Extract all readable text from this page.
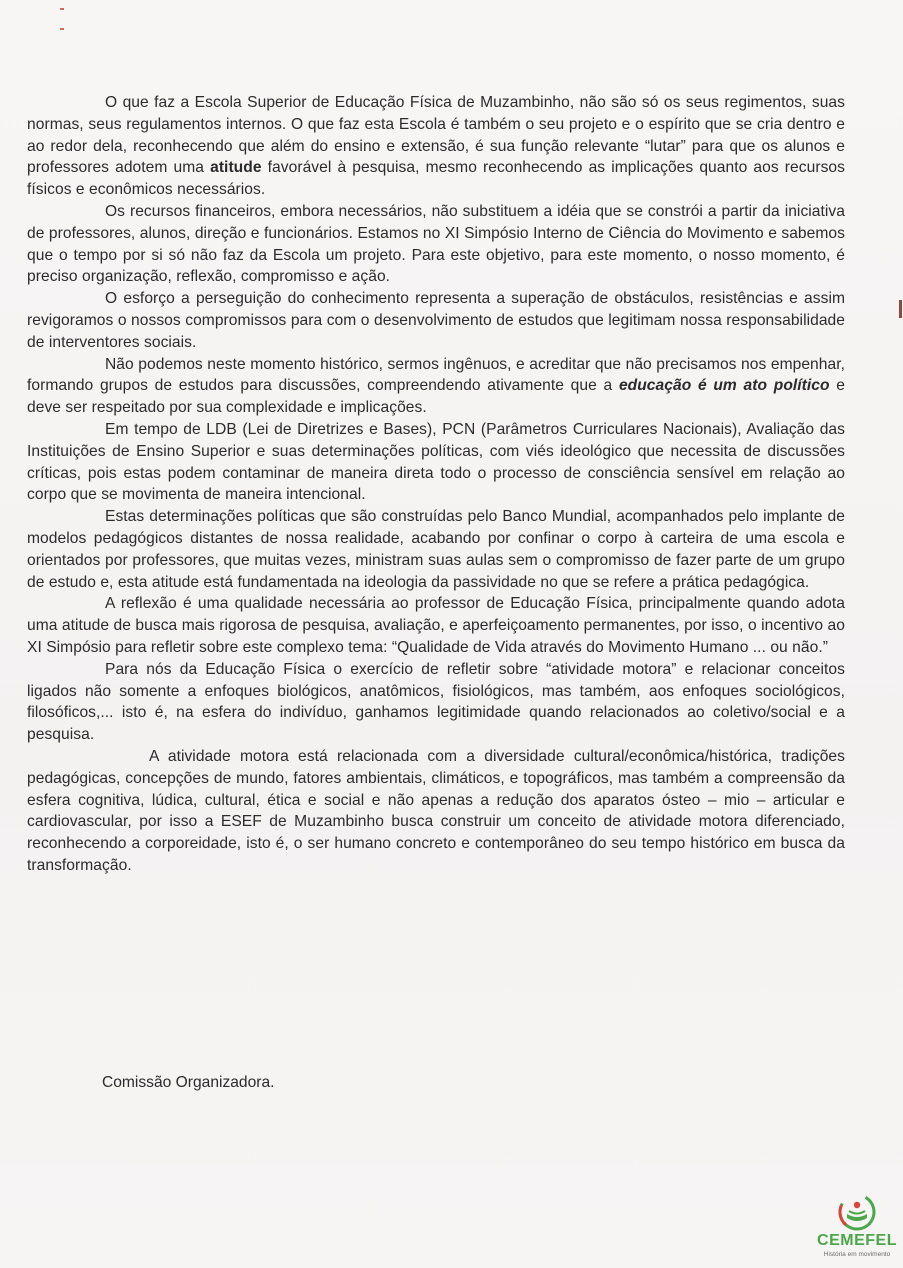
O que faz a Escola Superior de Educação Física de Muzambinho, não são só os seus regimentos, suas normas, seus regulamentos internos. O que faz esta Escola é também o seu projeto e o espírito que se cria dentro e ao redor dela, reconhecendo que além do ensino e extensão, é sua função relevante “lutar” para que os alunos e professores adotem uma atitude favorável à pesquisa, mesmo reconhecendo as implicações quanto aos recursos físicos e econômicos necessários.

Os recursos financeiros, embora necessários, não substituem a idéia que se constrói a partir da iniciativa de professores, alunos, direção e funcionários. Estamos no XI Simpósio Interno de Ciência do Movimento e sabemos que o tempo por si só não faz da Escola um projeto. Para este objetivo, para este momento, o nosso momento, é preciso organização, reflexão, compromisso e ação.

O esforço a perseguição do conhecimento representa a superação de obstáculos, resistências e assim revigoramos o nossos compromissos para com o desenvolvimento de estudos que legitimam nossa responsabilidade de interventores sociais.

Não podemos neste momento histórico, sermos ingênuos, e acreditar que não precisamos nos empenhar, formando grupos de estudos para discussões, compreendendo ativamente que a educação é um ato político e deve ser respeitado por sua complexidade e implicações.

Em tempo de LDB (Lei de Diretrizes e Bases), PCN (Parâmetros Curriculares Nacionais), Avaliação das Instituições de Ensino Superior e suas determinações políticas, com viés ideológico que necessita de discussões críticas, pois estas podem contaminar de maneira direta todo o processo de consciência sensível em relação ao corpo que se movimenta de maneira intencional.

Estas determinações políticas que são construídas pelo Banco Mundial, acompanhados pelo implante de modelos pedagógicos distantes de nossa realidade, acabando por confinar o corpo à carteira de uma escola e orientados por professores, que muitas vezes, ministram suas aulas sem o compromisso de fazer parte de um grupo de estudo e, esta atitude está fundamentada na ideologia da passividade no que se refere a prática pedagógica.

A reflexão é uma qualidade necessária ao professor de Educação Física, principalmente quando adota uma atitude de busca mais rigorosa de pesquisa, avaliação, e aperfeiçoamento permanentes, por isso, o incentivo ao XI Simpósio para refletir sobre este complexo tema: “Qualidade de Vida através do Movimento Humano ... ou não.”

Para nós da Educação Física o exercício de refletir sobre “atividade motora” e relacionar conceitos ligados não somente a enfoques biológicos, anatômicos, fisiológicos, mas também, aos enfoques sociológicos, filosóficos,... isto é, na esfera do indivíduo, ganhamos legitimidade quando relacionados ao coletivo/social e a pesquisa.

A atividade motora está relacionada com a diversidade cultural/econômica/histórica, tradições pedagógicas, concepções de mundo, fatores ambientais, climáticos, e topográficos, mas também a compreensão da esfera cognitiva, lúdica, cultural, ética e social e não apenas a redução dos aparatos ósteo – mio – articular e cardiovascular, por isso a ESEF de Muzambinho busca construir um conceito de atividade motora diferenciado, reconhecendo a corporeidade, isto é, o ser humano concreto e contemporâneo do seu tempo histórico em busca da transformação.

Comissão Organizadora.
CEMEFEL
História em movimento
